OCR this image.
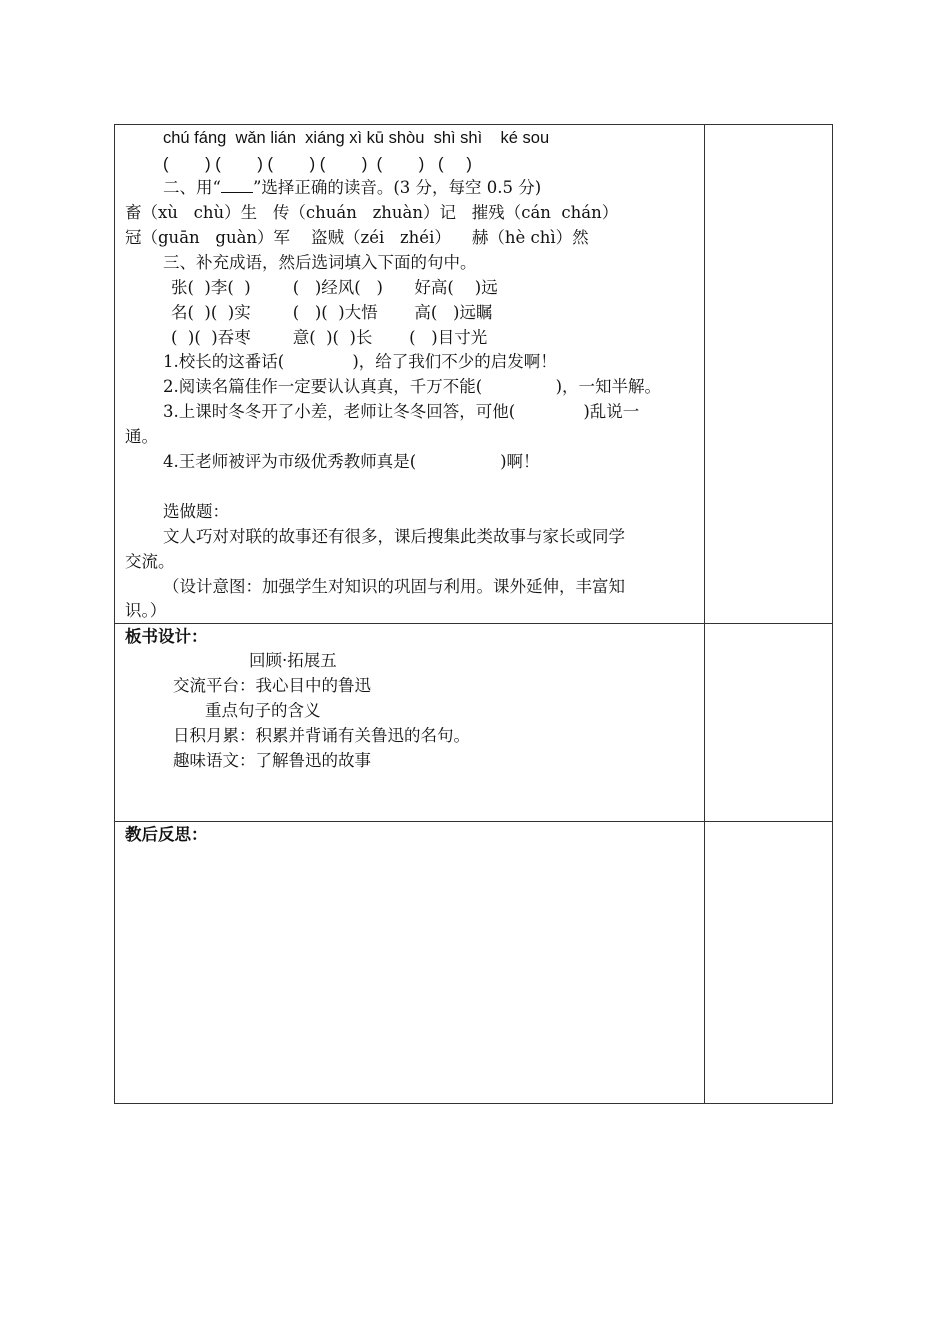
chú fáng  wǎn lián  xiáng xì kū shòu  shì shì    ké sou
(        ) (        ) (        ) (        )  (        )   (     )
二、用“ ”选择正确的读音。(3 分，每空 0.5 分)
畜（xù   chù）生   传（chuán   zhuàn）记   摧残（cán  chán）
冠（guān   guàn）军    盗贼（zéi   zhéi）    赫（hè chì）然
三、补充成语，然后选词填入下面的句中。
张(  )李(  )        (   )经风(   )      好高(    )远
名(  )(  )实        (   )(  )大悟       高(   )远瞩
(  )(  )吞枣        意(  )(  )长       (   )目寸光
1.校长的这番话(             )，给了我们不少的启发啊！
2.阅读名篇佳作一定要认认真真，千万不能(              )，一知半解。
3.上课时冬冬开了小差，老师让冬冬回答，可他(             )乱说一
通。
4.王老师被评为市级优秀教师真是(                )啊！
选做题：
文人巧对对联的故事还有很多，课后搜集此类故事与家长或同学
交流。
（设计意图：加强学生对知识的巩固与利用。课外延伸，丰富知
识。）
板书设计：
回顾·拓展五
交流平台：我心目中的鲁迅
重点句子的含义
日积月累：积累并背诵有关鲁迅的名句。
趣味语文：了解鲁迅的故事
教后反思：
